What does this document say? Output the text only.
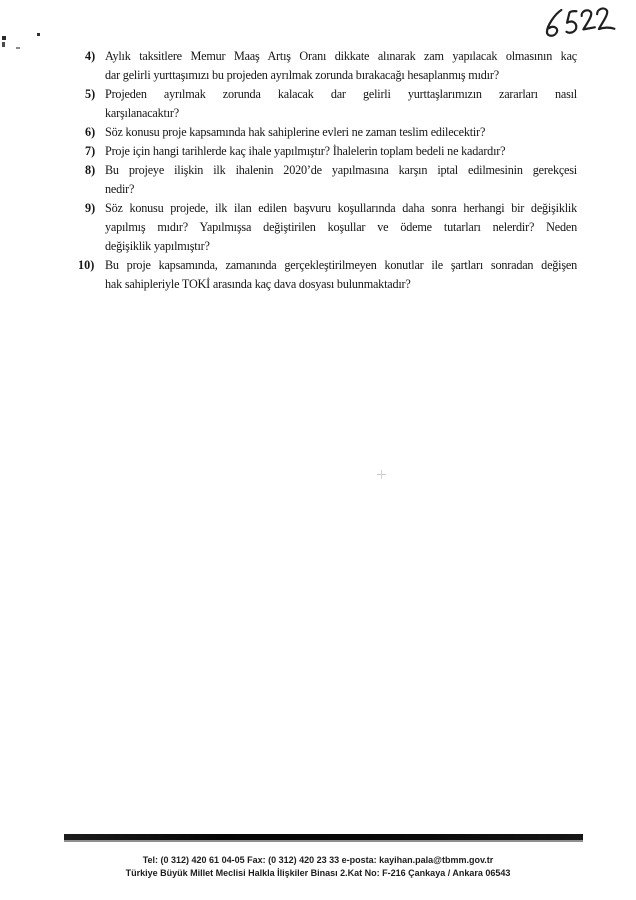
4) Aylık taksitlere Memur Maaş Artış Oranı dikkate alınarak zam yapılacak olmasının kaç
dar gelirli yurttaşımızı bu projeden ayrılmak zorunda bırakacağı hesaplanmış mıdır?
5) Projeden ayrılmak zorunda kalacak dar gelirli yurttaşlarımızın zararları nasıl
karşılanacaktır?
6) Söz konusu proje kapsamında hak sahiplerine evleri ne zaman teslim edilecektir?
7) Proje için hangi tarihlerde kaç ihale yapılmıştır? İhalelerin toplam bedeli ne kadardır?
8) Bu projeye ilişkin ilk ihalenin 2020’de yapılmasına karşın iptal edilmesinin gerekçesi
nedir?
9) Söz konusu projede, ilk ilan edilen başvuru koşullarında daha sonra herhangi bir değişiklik
yapılmış mıdır? Yapılmışsa değiştirilen koşullar ve ödeme tutarları nelerdir? Neden
değişiklik yapılmıştır?
10) Bu proje kapsamında, zamanında gerçekleştirilmeyen konutlar ile şartları sonradan değişen
hak sahipleriyle TOKİ arasında kaç dava dosyası bulunmaktadır?
Tel: (0 312) 420 61 04-05 Fax: (0 312) 420 23 33 e-posta: kayihan.pala@tbmm.gov.tr
Türkiye Büyük Millet Meclisi Halkla İlişkiler Binası 2.Kat No: F-216 Çankaya / Ankara 06543
